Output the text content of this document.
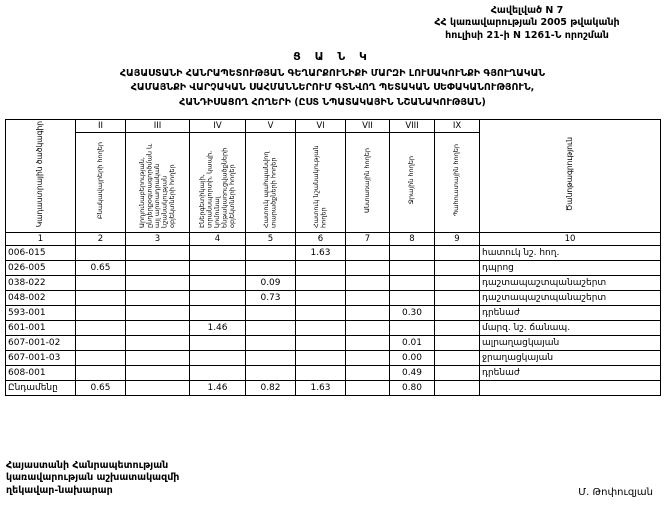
Հավելված N 7
ՀՀ կառավարության 2005 թվականի
հուլիսի 21-ի N 1261-Ն որոշման
Ց Ա Ն Կ
ՀԱՅԱՍՏԱՆԻ ՀԱՆՐԱՊԵՏՈՒԹՅԱՆ ԳԵՂԱՐՔՈՒՆԻՔԻ ՄԱՐԶԻ ԼՈՒՍԱԿՈՒՆՔԻ ԳՅՈՒՂԱԿԱՆ
ՀԱՄԱՅՆՔԻ ՎԱՐՉԱԿԱՆ ՍԱՀՄԱՆՆԵՐՈՒՄ ԳՏՆՎՈՂ ՊԵՏԱԿԱՆ ՍԵՓԱԿԱՆՈՒԹՅՈՒՆ,
ՀԱՆԴԻՍԱՑՈՂ ՀՈՂԵՐԻ (ԸՍՏ ՆՊԱՏԱԿԱՅԻՆ ՆՇԱՆԱԿՈՒԹՅԱՆ)
Կադաստրային ծածկագիր	II	III	IV	V	VI	VII	VIII	IX	Ծանոթագրություն
	Բնակավայրերի հողեր	Արդյունաբերության, ընդերքօգտագործման և այլ արտադրական նշանակության օբյեկտների հողեր	Էներգետիկայի, տրանսպորտի, կապի, կոմունալ ենթակառուցվածքների օբյեկտների հողեր	Հատուկ պահպանվող տարածքների հողեր	Հատուկ նշանակության հողեր	Անտառային հողեր	Ջրային հողեր	Պահուստային հողեր	
1	2	3	4	5	6	7	8	9	10
006-015					1.63				հատուկ նշ. հող.
026-005	0.65								դպրոց
038-022				0.09					դաշտապաշտպանաշերտ
048-002				0.73					դաշտապաշտպանաշերտ
593-001							0.30		դրենաժ
601-001			1.46						մարզ. նշ. ճանապ.
607-001-02							0.01		ալրաղացկայան
607-001-03							0.00		ջրաղացկայան
608-001							0.49		դրենաժ
Ընդամենը	0.65		1.46	0.82	1.63		0.80		
Հայաստանի Հանրապետության
կառավարության աշխատակազմի
ղեկավար-նախարար	Մ. Թոփուզյան
